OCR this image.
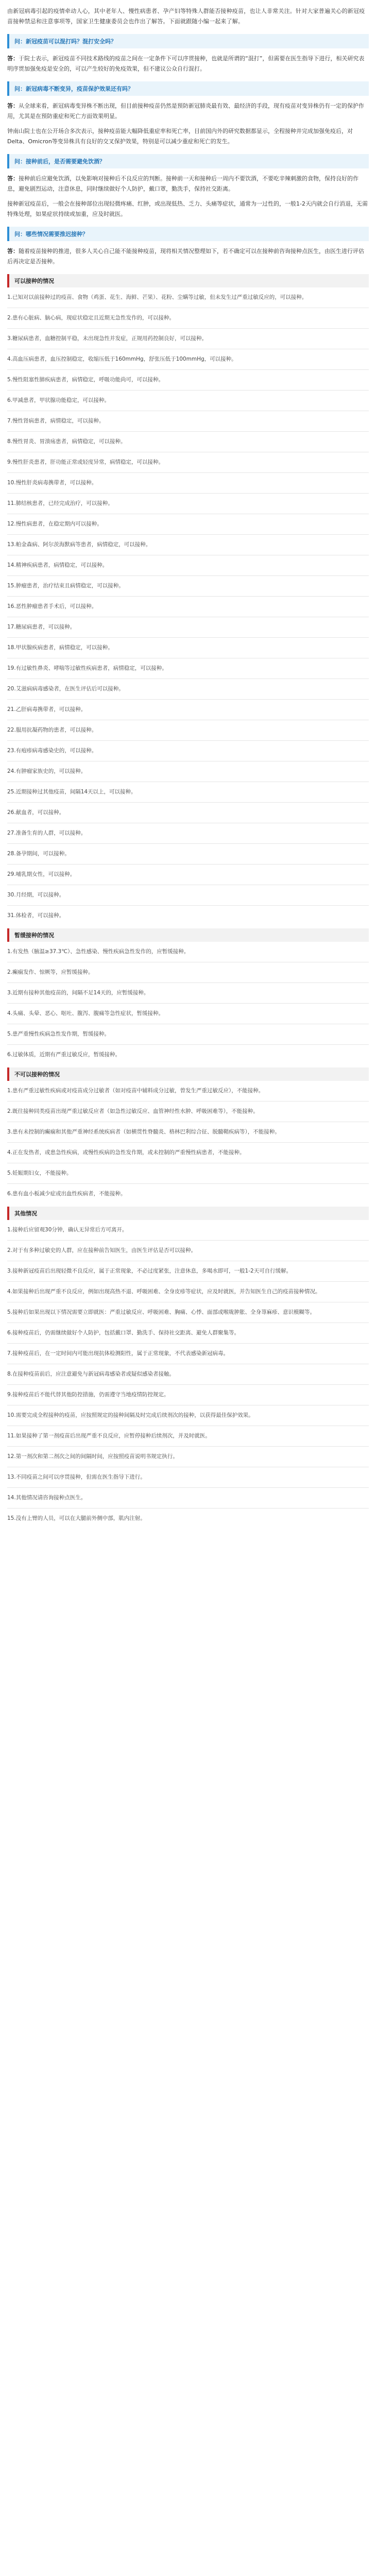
由新冠病毒引起的疫情牵动人心，其中老年人、慢性病患者、孕产妇等特殊人群能否接种疫苗，也让人非常关注。针对大家普遍关心的新冠疫苗接种禁忌和注意事项等，国家卫生健康委员会也作出了解答。下面就跟随小编一起来了解。

问：新冠疫苗可以混打吗？混打安全吗？

答：于院士表示，新冠疫苗不同技术路线的疫苗之间在一定条件下可以序贯接种，也就是所谓的“混打”，但需要在医生指导下进行，相关研究表明序贯加强免疫是安全的，可以产生较好的免疫效果，但不建议公众自行混打。

问：新冠病毒不断变异，疫苗保护效果还有吗？

答：从全球来看，新冠病毒变异株不断出现，但目前接种疫苗仍然是预防新冠肺炎最有效、最经济的手段，现有疫苗对变异株仍有一定的保护作用，尤其是在预防重症和死亡方面效果明显。

钟南山院士也在公开场合多次表示，接种疫苗能大幅降低重症率和死亡率，目前国内外的研究数据都显示，全程接种并完成加强免疫后，对Delta、Omicron等变异株具有良好的交叉保护效果，特别是可以减少重症和死亡的发生。

问：接种前后，是否需要避免饮酒？

答：接种前后应避免饮酒，以免影响对接种后不良反应的判断。接种前一天和接种后一周内不要饮酒，不要吃辛辣刺激的食物，保持良好的作息，避免剧烈运动，注意休息，同时继续做好个人防护，戴口罩，勤洗手，保持社交距离。

接种新冠疫苗后，一般会在接种部位出现轻微疼痛、红肿，或出现低热、乏力、头痛等症状，通常为一过性的，一般1-2天内就会自行消退，无需特殊处理，如果症状持续或加重，应及时就医。

问：哪些情况需要推迟接种？

答：随着疫苗接种的推进，很多人关心自己能不能接种疫苗，现将相关情况整理如下，若不确定可以在接种前咨询接种点医生，由医生进行评估后再决定是否接种。

可以接种的情况

1.已知对以前接种过的疫苗、食物（鸡蛋、花生、海鲜、芒果）、花粉、尘螨等过敏，但未发生过严重过敏反应的，可以接种。

2.患有心脏病、脑心病，现症状稳定且近期无急性发作的，可以接种。

3.糖尿病患者，血糖控制平稳，未出现急性并发症，正规用药控制良好，可以接种。

4.高血压病患者，血压控制稳定，收缩压低于160mmHg，舒张压低于100mmHg，可以接种。

5.慢性阻塞性肺疾病患者，病情稳定，呼吸功能尚可，可以接种。

6.甲减患者，甲状腺功能稳定，可以接种。

7.慢性肾病患者，病情稳定，可以接种。

8.慢性胃炎、胃溃疡患者，病情稳定，可以接种。

9.慢性肝炎患者，肝功能正常或轻度异常，病情稳定，可以接种。

10.慢性肝炎病毒携带者，可以接种。

11.肺结核患者，已经完成治疗，可以接种。

12.慢性病患者，在稳定期内可以接种。

13.帕金森病、阿尔茨海默病等患者，病情稳定，可以接种。

14.精神疾病患者，病情稳定，可以接种。

15.肿瘤患者，治疗结束且病情稳定，可以接种。

16.恶性肿瘤患者手术后，可以接种。

17.糖尿病患者，可以接种。

18.甲状腺疾病患者，病情稳定，可以接种。

19.有过敏性鼻炎、哮喘等过敏性疾病患者，病情稳定，可以接种。

20.艾滋病病毒感染者，在医生评估后可以接种。

21.乙肝病毒携带者，可以接种。

22.服用抗凝药物的患者，可以接种。

23.有疱疹病毒感染史的，可以接种。

24.有肿瘤家族史的，可以接种。

25.近期接种过其他疫苗，间隔14天以上，可以接种。

26.献血者，可以接种。

27.准备生育的人群，可以接种。

28.备孕期间，可以接种。

29.哺乳期女性，可以接种。

30.月经期，可以接种。

31.体检者，可以接种。

暂缓接种的情况

1.有发热（腋温≥37.3℃）、急性感染、慢性疾病急性发作的，应暂缓接种。

2.癫痫发作、惊厥等，应暂缓接种。

3.近期有接种其他疫苗的，间隔不足14天的，应暂缓接种。

4.头痛、头晕、恶心、呕吐、腹泻、腹痛等急性症状，暂缓接种。

5.患严重慢性疾病急性发作期，暂缓接种。

6.过敏体质，近期有严重过敏反应，暂缓接种。

不可以接种的情况

1.患有严重过敏性疾病或对疫苗成分过敏者（如对疫苗中辅料成分过敏，曾发生严重过敏反应），不能接种。

2.既往接种同类疫苗出现严重过敏反应者（如急性过敏反应、血管神经性水肿、呼吸困难等），不能接种。

3.患有未控制的癫痫和其他严重神经系统疾病者（如横贯性脊髓炎、格林巴利综合征、脱髓鞘疾病等），不能接种。

4.正在发热者，或患急性疾病，或慢性疾病的急性发作期，或未控制的严重慢性病患者，不能接种。

5.妊娠期妇女，不能接种。

6.患有血小板减少症或出血性疾病者，不能接种。

其他情况

1.接种后应留观30分钟，确认无异常后方可离开。

2.对于有多种过敏史的人群，应在接种前告知医生，由医生评估是否可以接种。

3.接种新冠疫苗后出现轻微不良反应，属于正常现象，不必过度紧张，注意休息，多喝水即可，一般1-2天可自行缓解。

4.如果接种后出现严重不良反应，例如出现高热不退、呼吸困难、全身皮疹等症状，应及时就医，并告知医生自己的疫苗接种情况。

5.接种后如果出现以下情况需要立即就医：严重过敏反应、呼吸困难、胸痛、心悸、面部或喉咙肿胀、全身荨麻疹、意识模糊等。

6.接种疫苗后，仍需继续做好个人防护，包括戴口罩、勤洗手、保持社交距离、避免人群聚集等。

7.接种疫苗后，在一定时间内可能出现抗体检测阳性，属于正常现象，不代表感染新冠病毒。

8.在接种疫苗前后，应注意避免与新冠病毒感染者或疑似感染者接触。

9.接种疫苗后不能代替其他防控措施，仍需遵守当地疫情防控规定。

10.需要完成全程接种的疫苗，应按照规定的接种间隔及时完成后续剂次的接种，以获得最佳保护效果。

11.如果接种了第一剂疫苗后出现严重不良反应，应暂停接种后续剂次，并及时就医。

12.第一剂次和第二剂次之间的间隔时间，应按照疫苗说明书规定执行。

13.不同疫苗之间可以序贯接种，但需在医生指导下进行。

14.其他情况请咨询接种点医生。

15.没有上臂的人员，可以在大腿前外侧中部，肌内注射。
